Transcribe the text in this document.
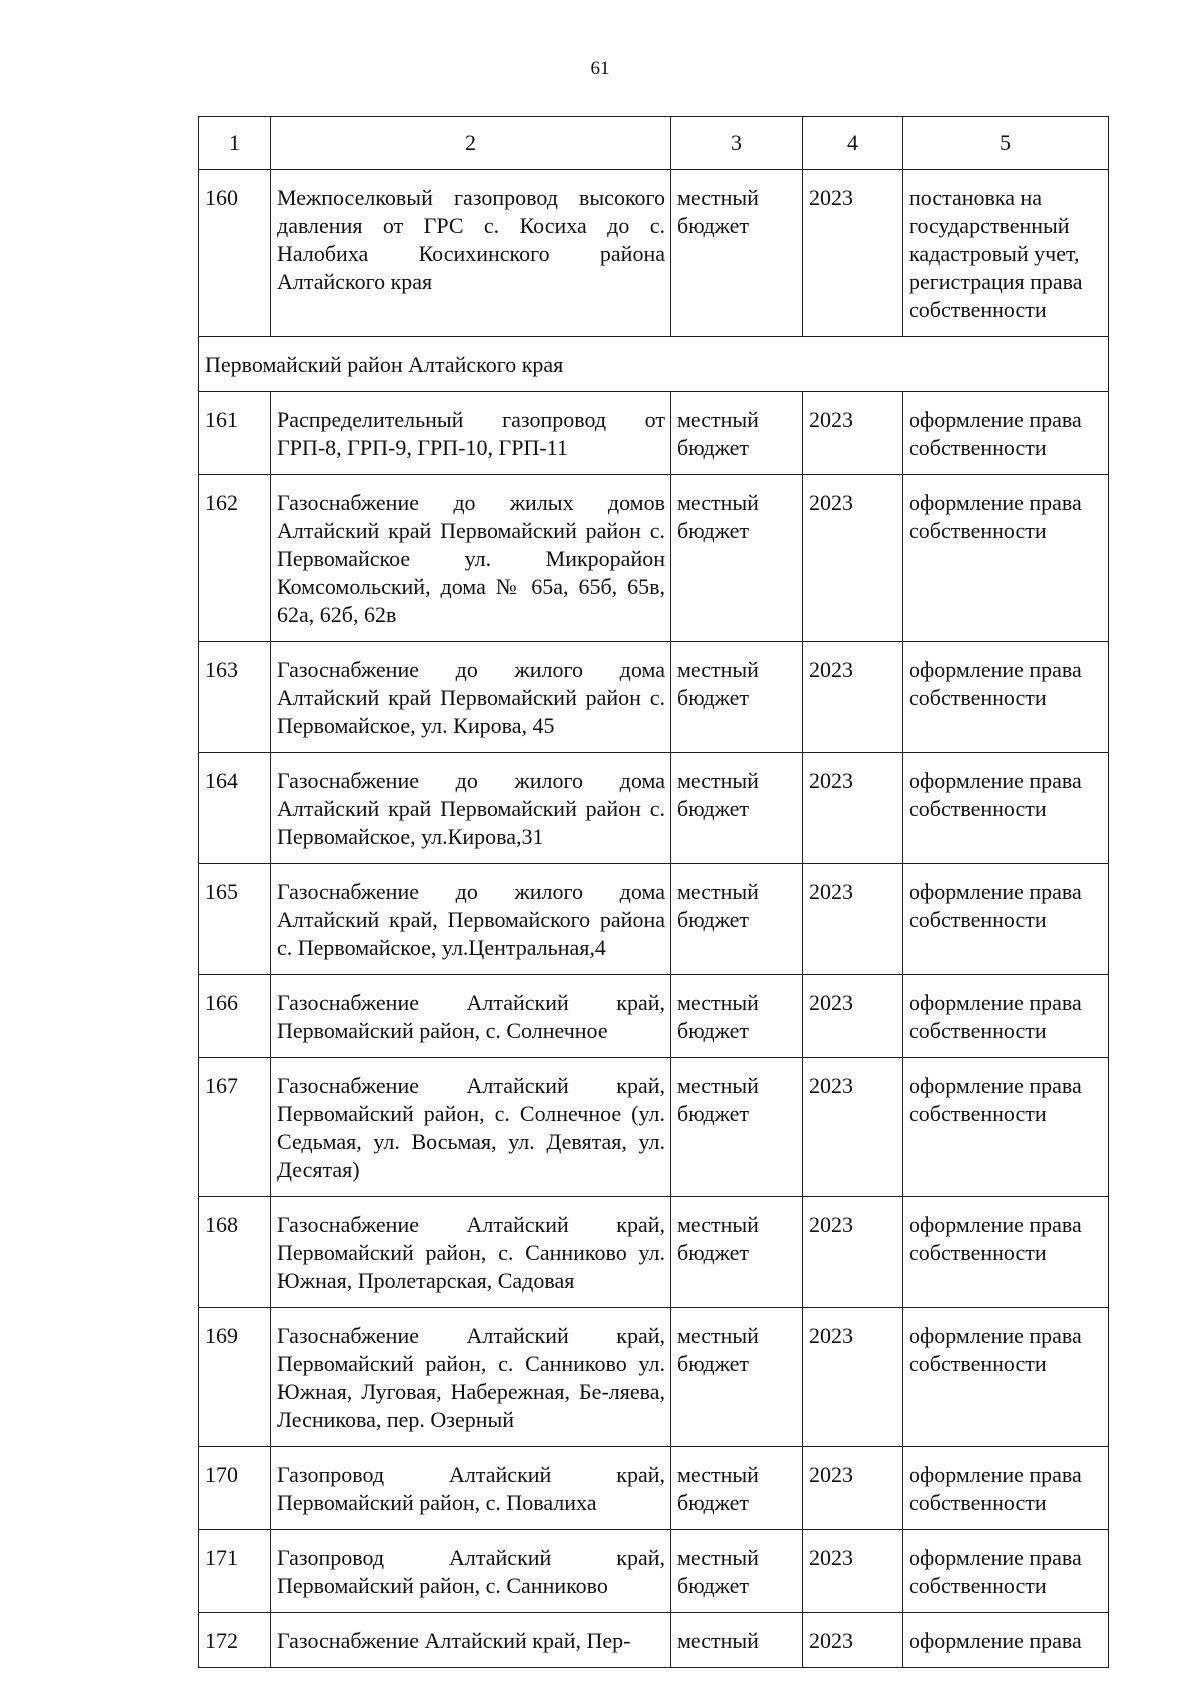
61
1	2	3	4	5
160	Межпоселковый газопровод высокого давления от ГРС с. Косиха до с. Налобиха Косихинского района Алтайского края	местный бюджет	2023	постановка на государственный кадастровый учет, регистрация права собственности
Первомайский район Алтайского края				
161	Распределительный газопровод от ГРП-8, ГРП-9, ГРП-10, ГРП-11	местный бюджет	2023	оформление права собственности
162	Газоснабжение до жилых домов Алтайский край Первомайский район с. Первомайское ул. Микрорайон Комсомольский, дома № 65а, 65б, 65в, 62а, 62б, 62в	местный бюджет	2023	оформление права собственности
163	Газоснабжение до жилого дома Алтайский край Первомайский район с. Первомайское, ул. Кирова, 45	местный бюджет	2023	оформление права собственности
164	Газоснабжение до жилого дома Алтайский край Первомайский район с. Первомайское, ул.Кирова,31	местный бюджет	2023	оформление права собственности
165	Газоснабжение до жилого дома Алтайский край, Первомайского района с. Первомайское, ул.Центральная,4	местный бюджет	2023	оформление права собственности
166	Газоснабжение Алтайский край, Первомайский район, с. Солнечное	местный бюджет	2023	оформление права собственности
167	Газоснабжение Алтайский край, Первомайский район, с. Солнечное (ул. Седьмая, ул. Восьмая, ул. Девятая, ул. Десятая)	местный бюджет	2023	оформление права собственности
168	Газоснабжение Алтайский край, Первомайский район, с. Санниково ул. Южная, Пролетарская, Садовая	местный бюджет	2023	оформление права собственности
169	Газоснабжение Алтайский край, Первомайский район, с. Санниково ул. Южная, Луговая, Набережная, Бе-ляева, Лесникова, пер. Озерный	местный бюджет	2023	оформление права собственности
170	Газопровод Алтайский край, Первомайский район, с. Повалиха	местный бюджет	2023	оформление права собственности
171	Газопровод Алтайский край, Первомайский район, с. Санниково	местный бюджет	2023	оформление права собственности
172	Газоснабжение Алтайский край, Пер-	местный	2023	оформление права
